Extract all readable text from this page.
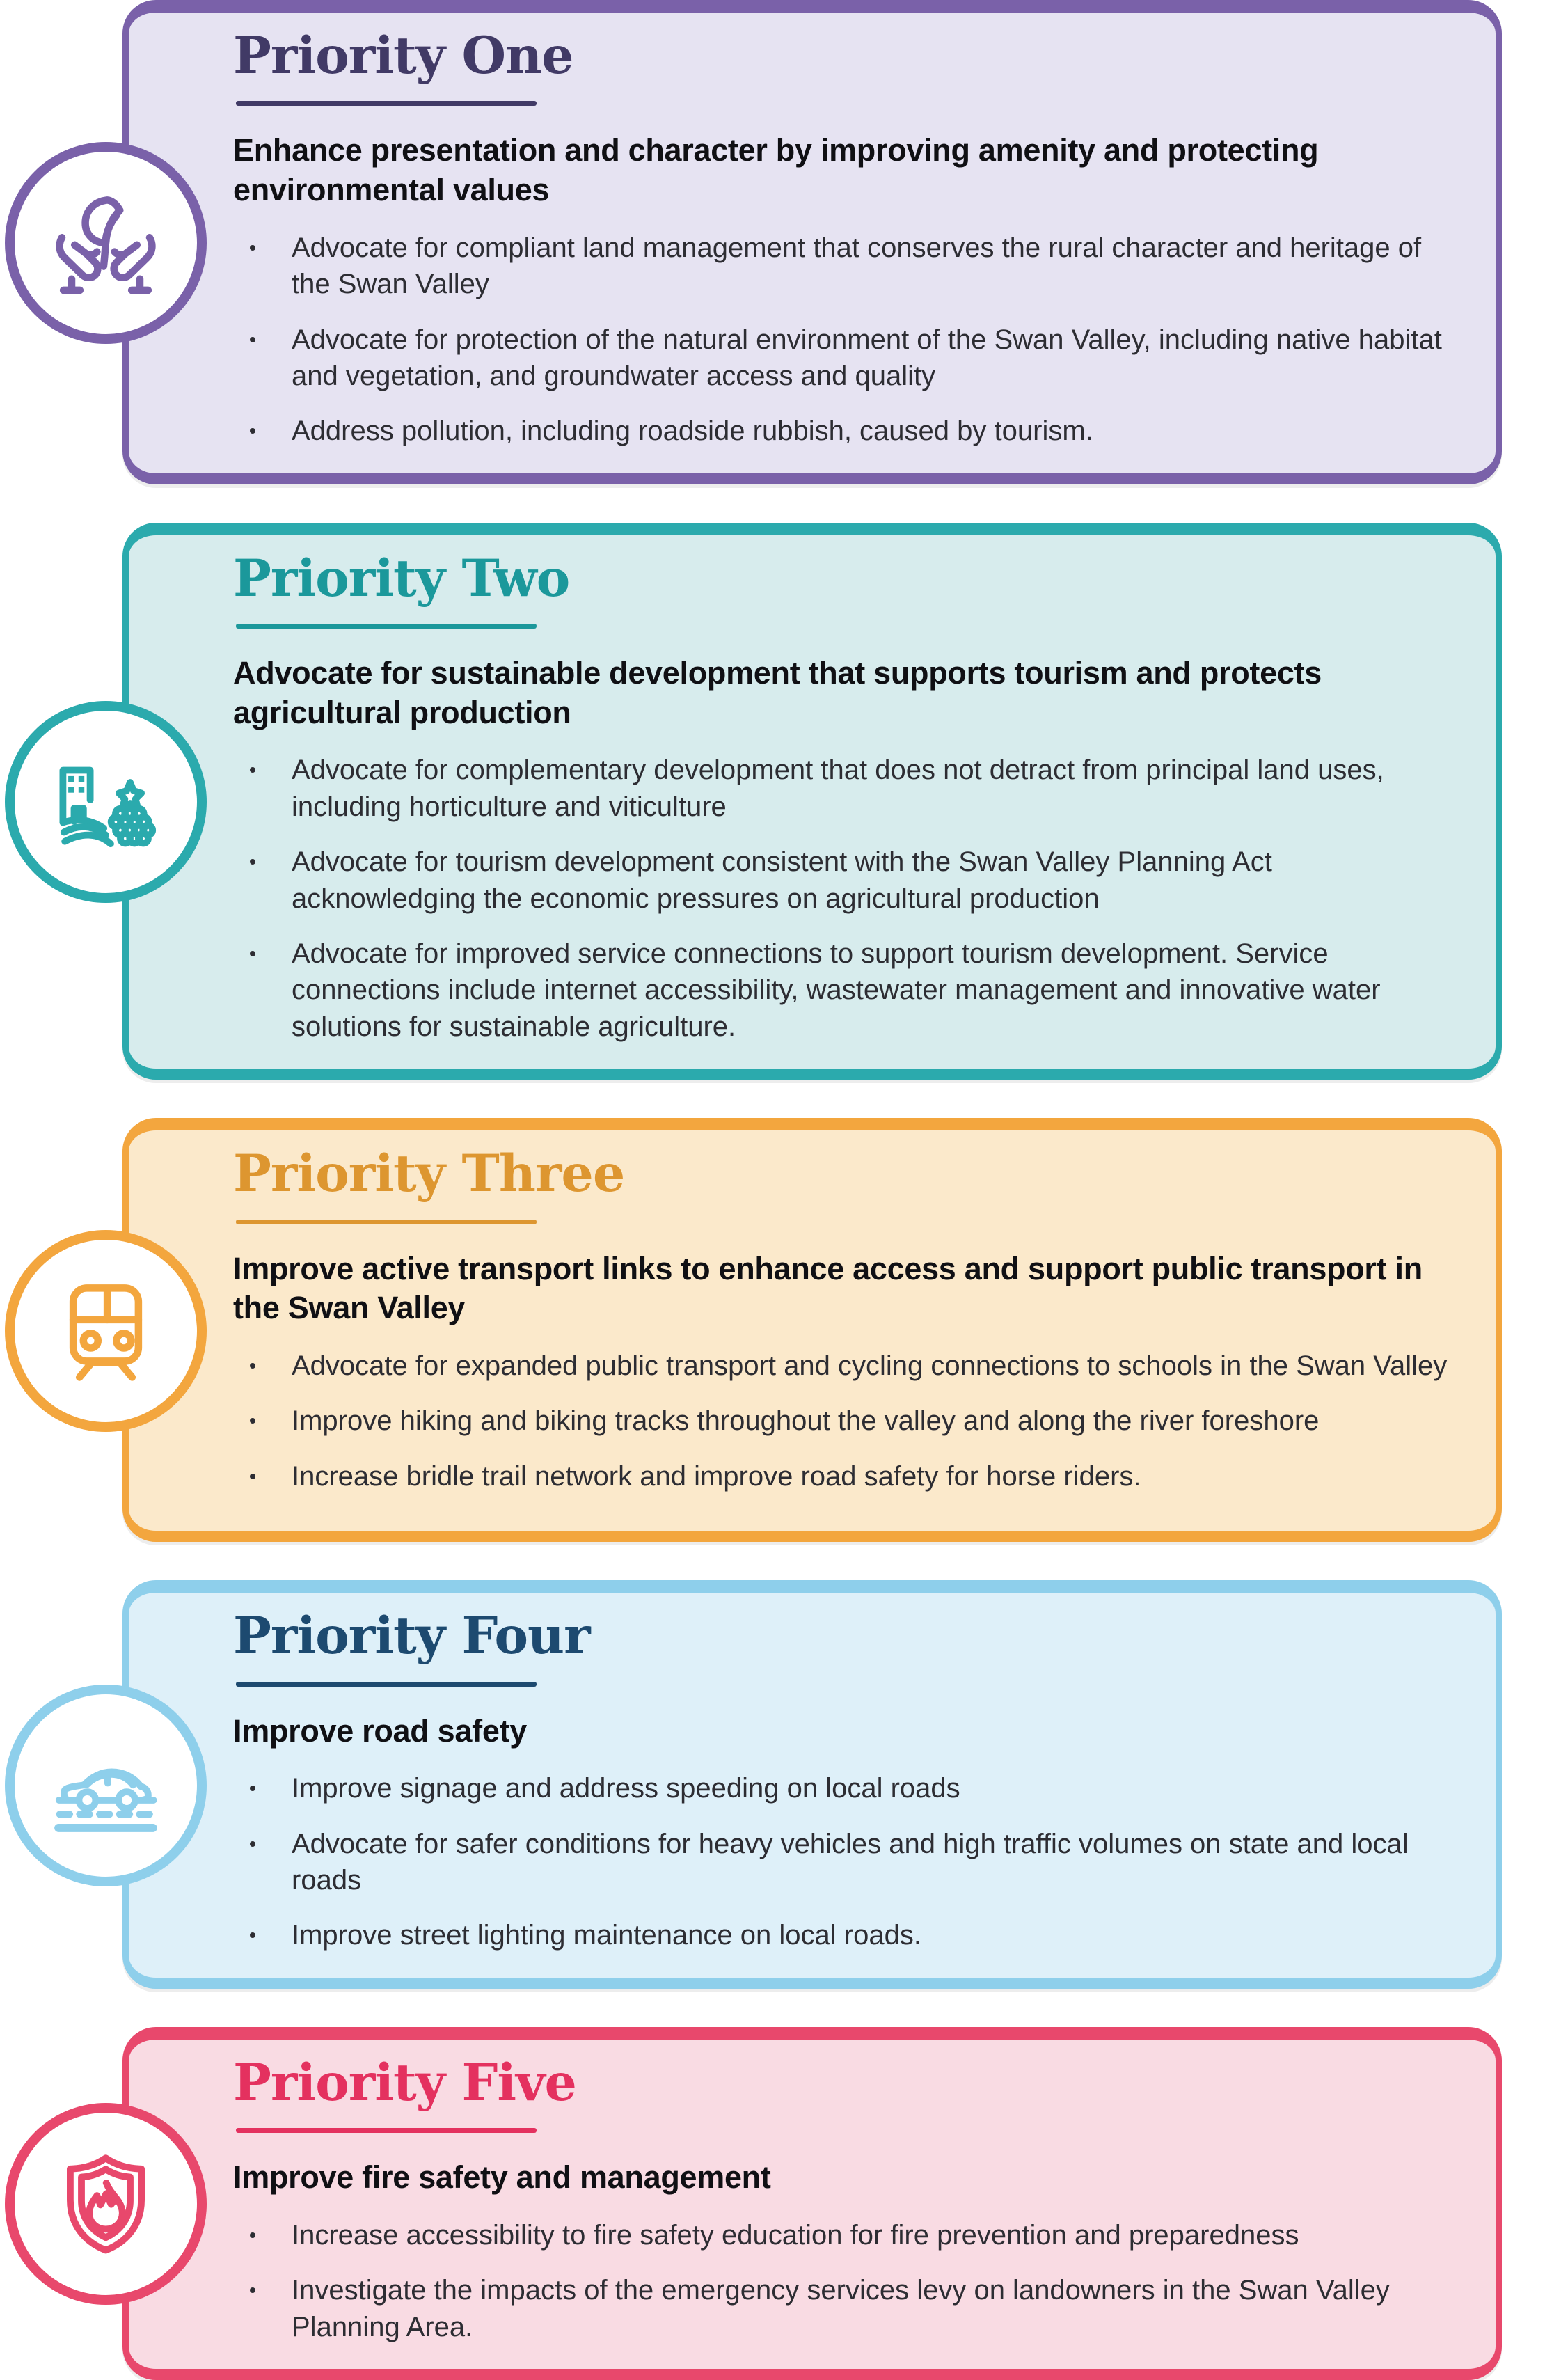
Priority One

Enhance presentation and character by improving amenity and protecting environmental values

Advocate for compliant land management that conserves the rural character and heritage of the Swan Valley
Advocate for protection of the natural environment of the Swan Valley, including native habitat and vegetation, and groundwater access and quality
Address pollution, including roadside rubbish, caused by tourism.
Priority Two

Advocate for sustainable development that supports tourism and protects agricultural production

Advocate for complementary development that does not detract from principal land uses, including horticulture and viticulture
Advocate for tourism development consistent with the Swan Valley Planning Act acknowledging the economic pressures on agricultural production
Advocate for improved service connections to support tourism development. Service connections include internet accessibility, wastewater management and innovative water solutions for sustainable agriculture.
Priority Three

Improve active transport links to enhance access and support public transport in the Swan Valley

Advocate for expanded public transport and cycling connections to schools in the Swan Valley
Improve hiking and biking tracks throughout the valley and along the river foreshore
Increase bridle trail network and improve road safety for horse riders.
Priority Four

Improve road safety

Improve signage and address speeding on local roads
Advocate for safer conditions for heavy vehicles and high traffic volumes on state and local roads
Improve street lighting maintenance on local roads.
Priority Five

Improve fire safety and management

Increase accessibility to fire safety education for fire prevention and preparedness
Investigate the impacts of the emergency services levy on landowners in the Swan Valley Planning Area.
